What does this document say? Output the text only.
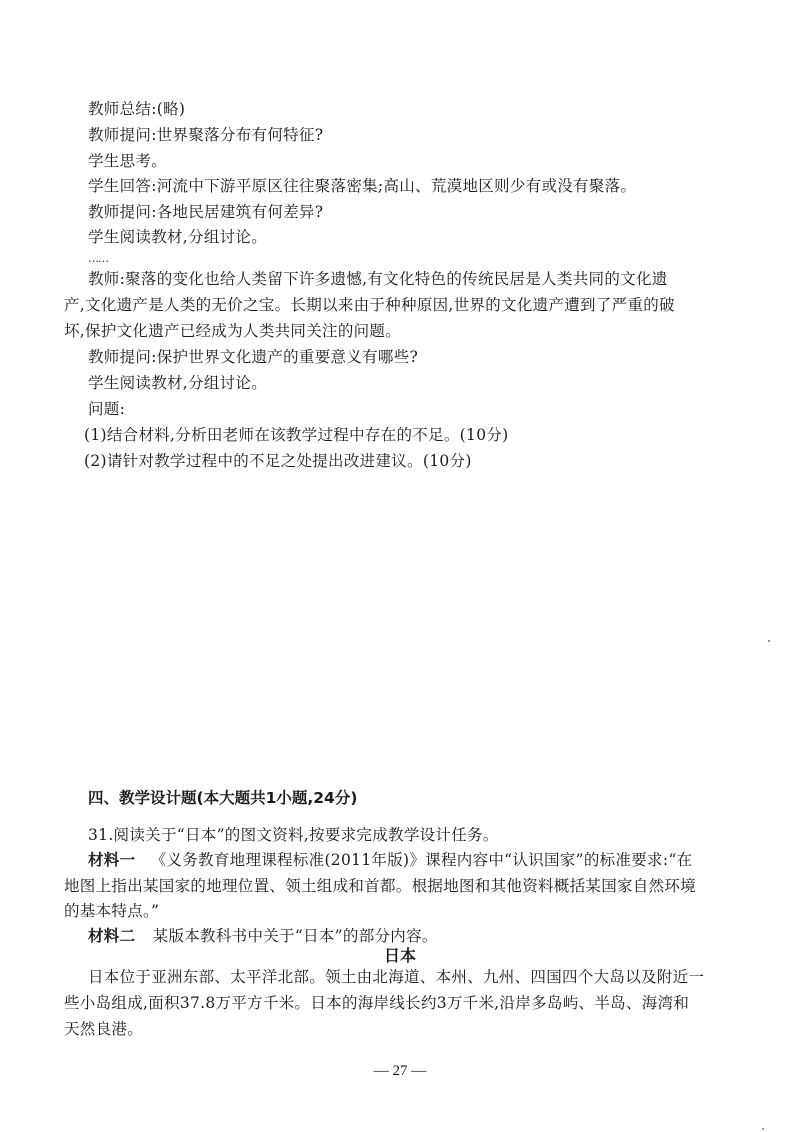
教师总结:(略)
教师提问:世界聚落分布有何特征?
学生思考。
学生回答:河流中下游平原区往往聚落密集;高山、荒漠地区则少有或没有聚落。
教师提问:各地民居建筑有何差异?
学生阅读教材,分组讨论。
……
教师:聚落的变化也给人类留下许多遗憾,有文化特色的传统民居是人类共同的文化遗
产,文化遗产是人类的无价之宝。长期以来由于种种原因,世界的文化遗产遭到了严重的破
坏,保护文化遗产已经成为人类共同关注的问题。
教师提问:保护世界文化遗产的重要意义有哪些?
学生阅读教材,分组讨论。
问题:
(1)结合材料,分析田老师在该教学过程中存在的不足。(10分)
(2)请针对教学过程中的不足之处提出改进建议。(10分)
四、教学设计题(本大题共1小题,24分)
31.阅读关于“日本”的图文资料,按要求完成教学设计任务。
材料一 《义务教育地理课程标准(2011年版)》课程内容中“认识国家”的标准要求:“在
地图上指出某国家的地理位置、领土组成和首都。根据地图和其他资料概括某国家自然环境
的基本特点。”
材料二 某版本教科书中关于“日本”的部分内容。
日本
日本位于亚洲东部、太平洋北部。领土由北海道、本州、九州、四国四个大岛以及附近一
些小岛组成,面积37.8万平方千米。日本的海岸线长约3万千米,沿岸多岛屿、半岛、海湾和
天然良港。
— 27 —
